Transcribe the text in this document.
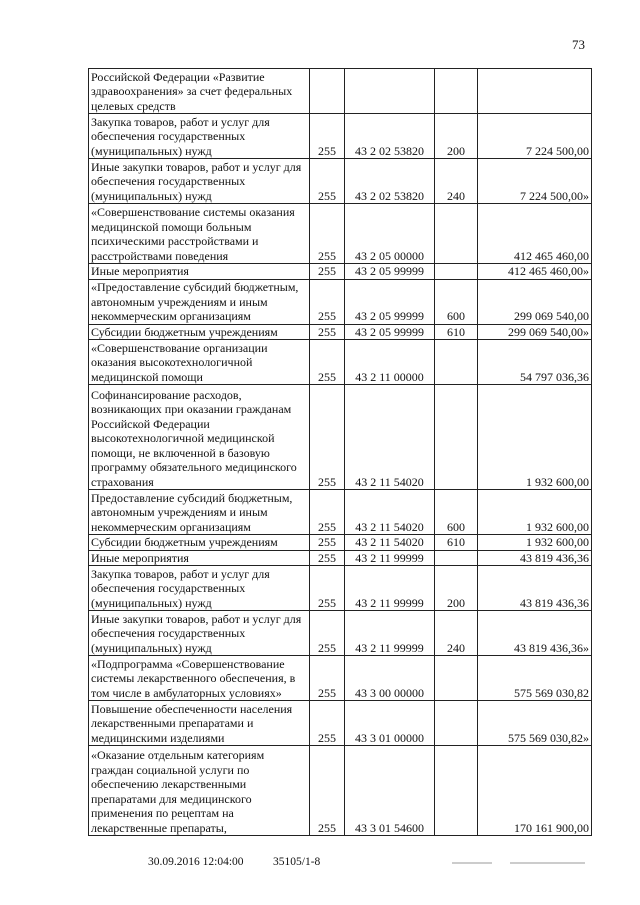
73
Российской Федерации «Развитие здравоохранения» за счет федеральных целевых средств				
Закупка товаров, работ и услуг для обеспечения государственных (муниципальных) нужд	255	43 2 02 53820	200	7 224 500,00
Иные закупки товаров, работ и услуг для обеспечения государственных (муниципальных) нужд	255	43 2 02 53820	240	7 224 500,00»
«Совершенствование системы оказания медицинской помощи больным психическими расстройствами и расстройствами поведения	255	43 2 05 00000		412 465 460,00
Иные мероприятия	255	43 2 05 99999		412 465 460,00»
«Предоставление субсидий бюджетным, автономным учреждениям и иным некоммерческим организациям	255	43 2 05 99999	600	299 069 540,00
Субсидии бюджетным учреждениям	255	43 2 05 99999	610	299 069 540,00»
«Совершенствование организации оказания высокотехнологичной медицинской помощи	255	43 2 11 00000		54 797 036,36
Софинансирование расходов, возникающих при оказании гражданам Российской Федерации высокотехнологичной медицинской помощи, не включенной в базовую программу обязательного медицинского страхования	255	43 2 11 54020		1 932 600,00
Предоставление субсидий бюджетным, автономным учреждениям и иным некоммерческим организациям	255	43 2 11 54020	600	1 932 600,00
Субсидии бюджетным учреждениям	255	43 2 11 54020	610	1 932 600,00
Иные мероприятия	255	43 2 11 99999		43 819 436,36
Закупка товаров, работ и услуг для обеспечения государственных (муниципальных) нужд	255	43 2 11 99999	200	43 819 436,36
Иные закупки товаров, работ и услуг для обеспечения государственных (муниципальных) нужд	255	43 2 11 99999	240	43 819 436,36»
«Подпрограмма «Совершенствование системы лекарственного обеспечения, в том числе в амбулаторных условиях»	255	43 3 00 00000		575 569 030,82
Повышение обеспеченности населения лекарственными препаратами и медицинскими изделиями	255	43 3 01 00000		575 569 030,82»
«Оказание отдельным категориям граждан социальной услуги по обеспечению лекарственными препаратами для медицинского применения по рецептам на лекарственные препараты,	255	43 3 01 54600		170 161 900,00
30.09.2016 12:04:00	35105/1-8
